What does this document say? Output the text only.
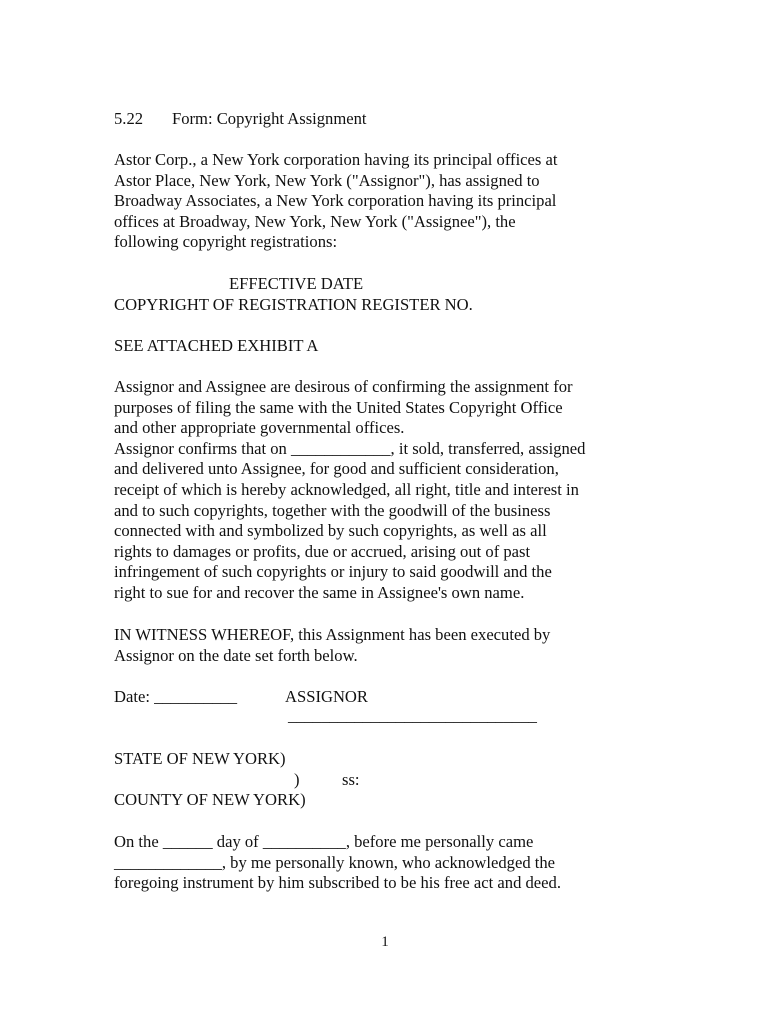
5.22 Form: Copyright Assignment
Astor Corp., a New York corporation having its principal offices at
Astor Place, New York, New York ("Assignor"), has assigned to
Broadway Associates, a New York corporation having its principal
offices at Broadway, New York, New York ("Assignee"), the
following copyright registrations:
EFFECTIVE DATE
COPYRIGHT OF REGISTRATION REGISTER NO.
SEE ATTACHED EXHIBIT A
Assignor and Assignee are desirous of confirming the assignment for
purposes of filing the same with the United States Copyright Office
and other appropriate governmental offices.
Assignor confirms that on ____________, it sold, transferred, assigned
and delivered unto Assignee, for good and sufficient consideration,
receipt of which is hereby acknowledged, all right, title and interest in
and to such copyrights, together with the goodwill of the business
connected with and symbolized by such copyrights, as well as all
rights to damages or profits, due or accrued, arising out of past
infringement of such copyrights or injury to said goodwill and the
right to sue for and recover the same in Assignee's own name.
IN WITNESS WHEREOF, this Assignment has been executed by
Assignor on the date set forth below.
Date: __________	ASSIGNOR
______________________________
STATE OF NEW YORK)
)	ss:
COUNTY OF NEW YORK)
On the ______ day of __________, before me personally came
_____________, by me personally known, who acknowledged the
foregoing instrument by him subscribed to be his free act and deed.
1
